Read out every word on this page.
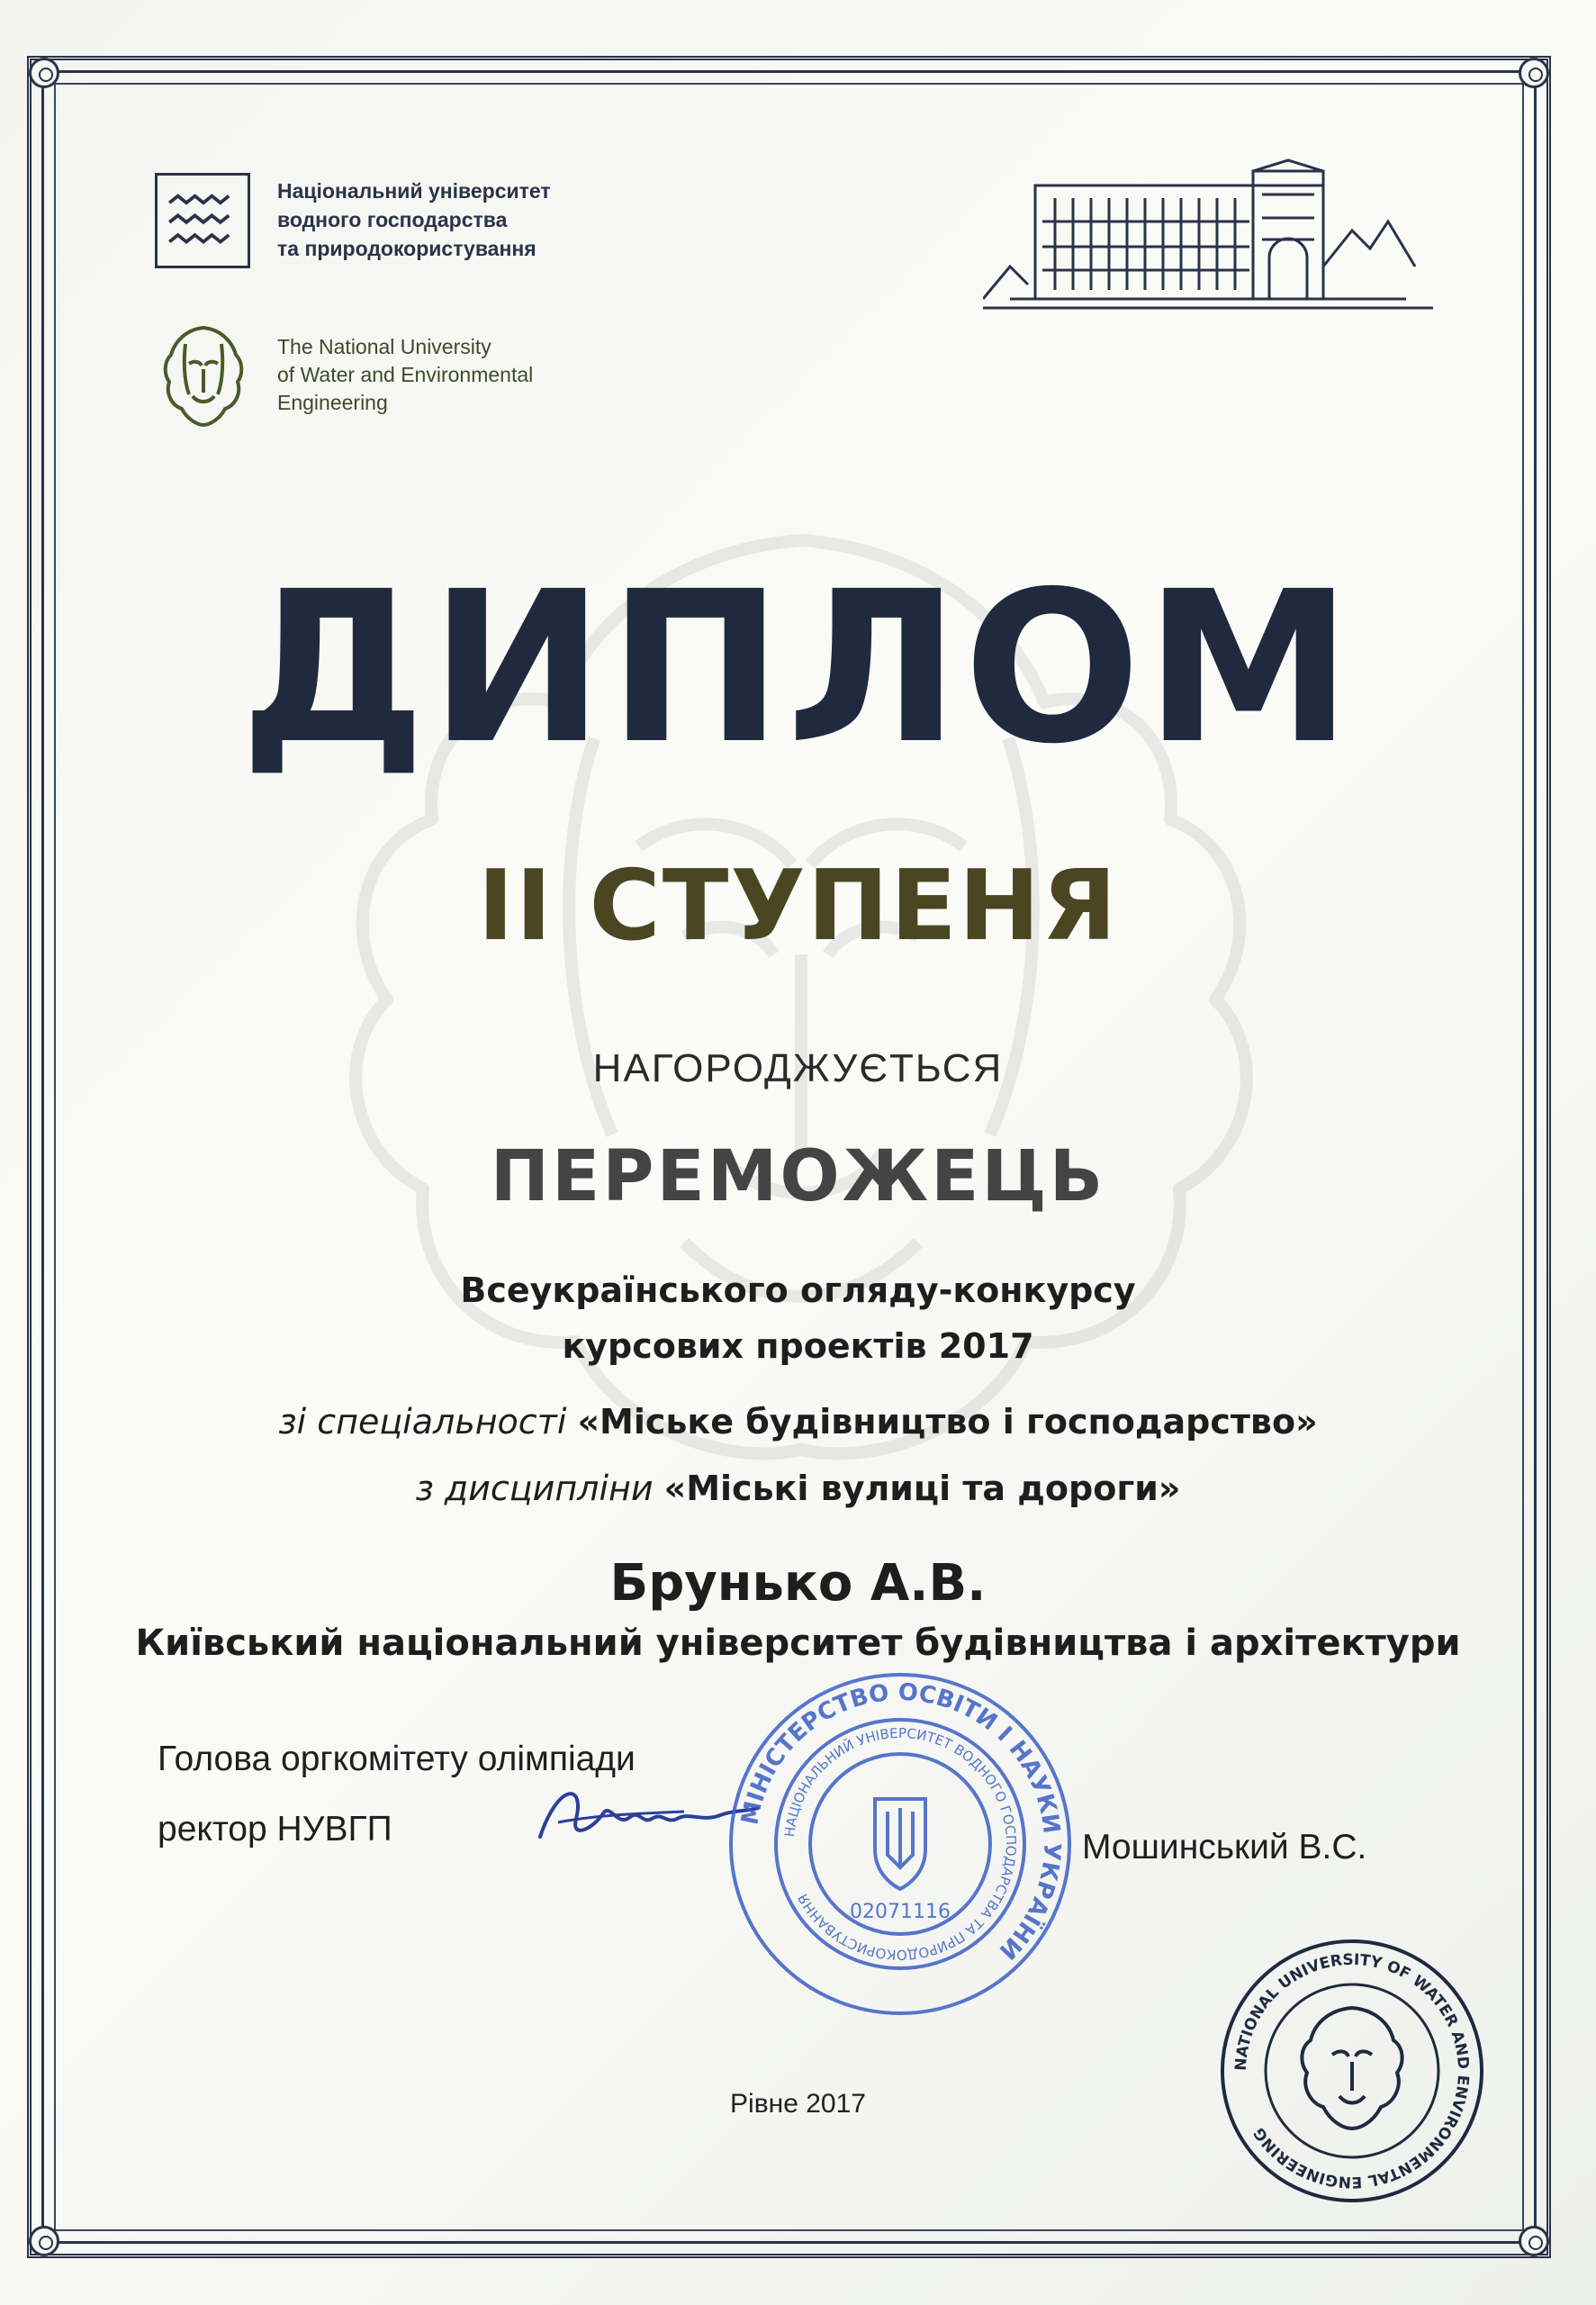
Національний університет
водного господарства
та природокористування
The National University
of Water and Environmental
Engineering
ДИПЛОМ
II СТУПЕНЯ
НАГОРОДЖУЄТЬСЯ
ПЕРЕМОЖЕЦЬ
Всеукраїнського огляду-конкурсу
курсових проектів 2017
зі спеціальності «Міське будівництво і господарство»
з дисципліни «Міські вулиці та дороги»
Брунько А.В.
Київський національний університет будівництва і архітектури
Голова оргкомітету олімпіади
ректор НУВГП	Мошинський В.С.
МІНІСТЕРСТВО ОСВІТИ І НАУКИ УКРАЇНИ
НАЦІОНАЛЬНИЙ УНІВЕРСИТЕТ ВОДНОГО ГОСПОДАРСТВА ТА ПРИРОДОКОРИСТУВАННЯ
02071116
NATIONAL UNIVERSITY OF WATER AND ENVIRONMENTAL ENGINEERING
Рівне 2017
